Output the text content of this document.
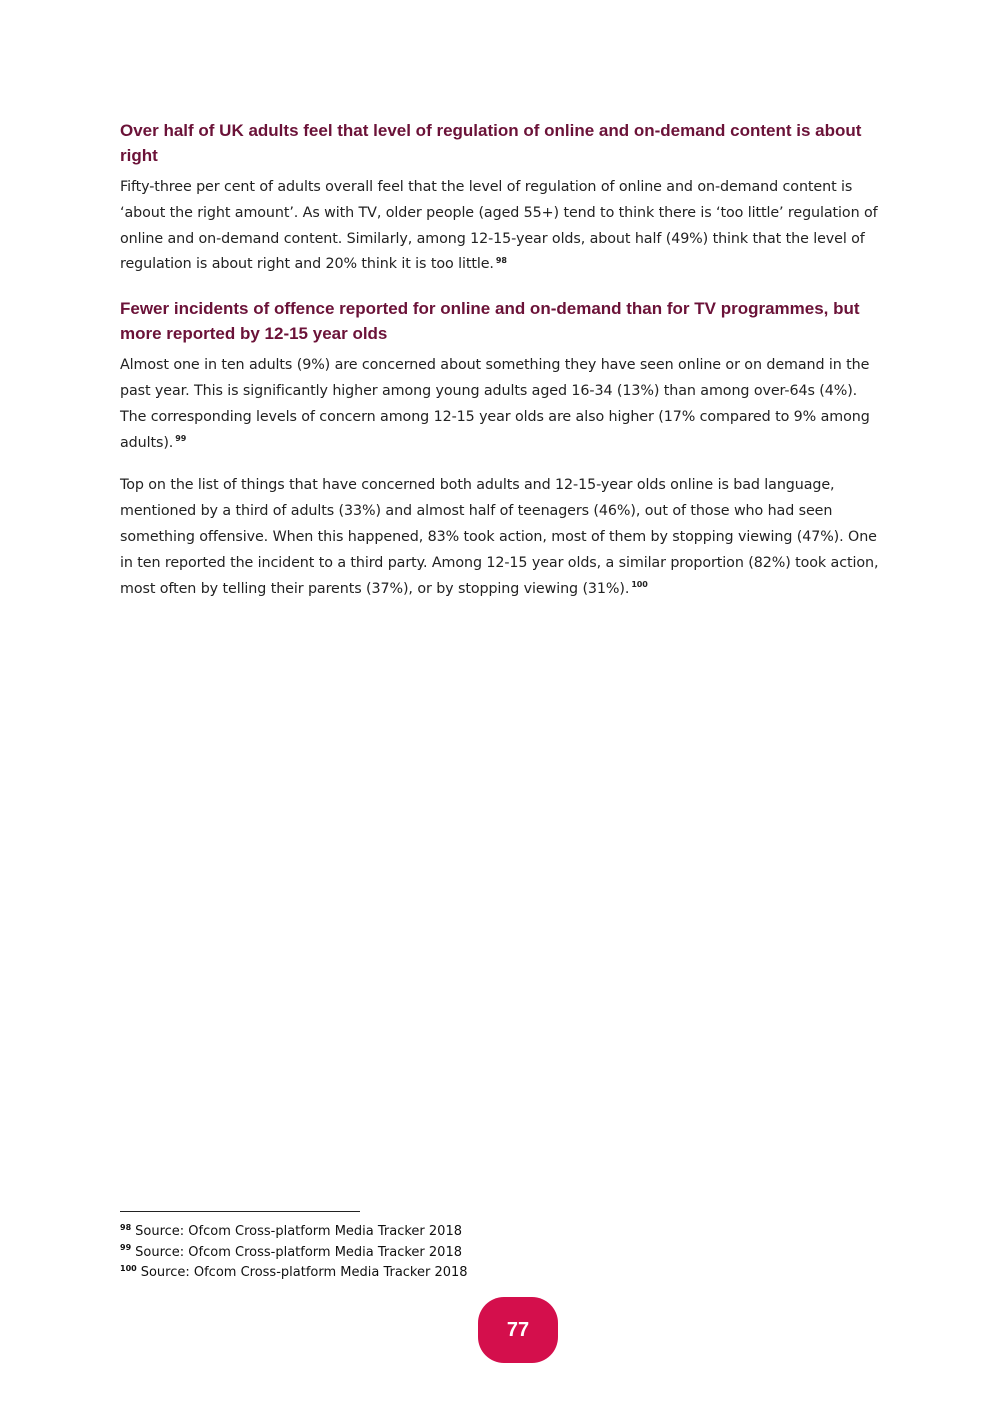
Over half of UK adults feel that level of regulation of online and on-demand content is about right

Fifty-three per cent of adults overall feel that the level of regulation of online and on-demand content is ‘about the right amount’. As with TV, older people (aged 55+) tend to think there is ‘too little’ regulation of online and on-demand content. Similarly, among 12-15-year olds, about half (49%) think that the level of regulation is about right and 20% think it is too little. $^{98}$

Fewer incidents of offence reported for online and on-demand than for TV programmes, but more reported by 12-15 year olds

Almost one in ten adults (9%) are concerned about something they have seen online or on demand in the past year. This is significantly higher among young adults aged 16-34 (13%) than among over-64s (4%). The corresponding levels of concern among 12-15 year olds are also higher (17% compared to 9% among adults). $^{99}$

Top on the list of things that have concerned both adults and 12-15-year olds online is bad language, mentioned by a third of adults (33%) and almost half of teenagers (46%), out of those who had seen something offensive. When this happened, 83% took action, most of them by stopping viewing (47%). One in ten reported the incident to a third party. Among 12-15 year olds, a similar proportion (82%) took action, most often by telling their parents (37%), or by stopping viewing (31%). $^{100}$

$^{98}$ Source: Ofcom Cross-platform Media Tracker 2018
$^{99}$ Source: Ofcom Cross-platform Media Tracker 2018
$^{100}$ Source: Ofcom Cross-platform Media Tracker 2018
77
